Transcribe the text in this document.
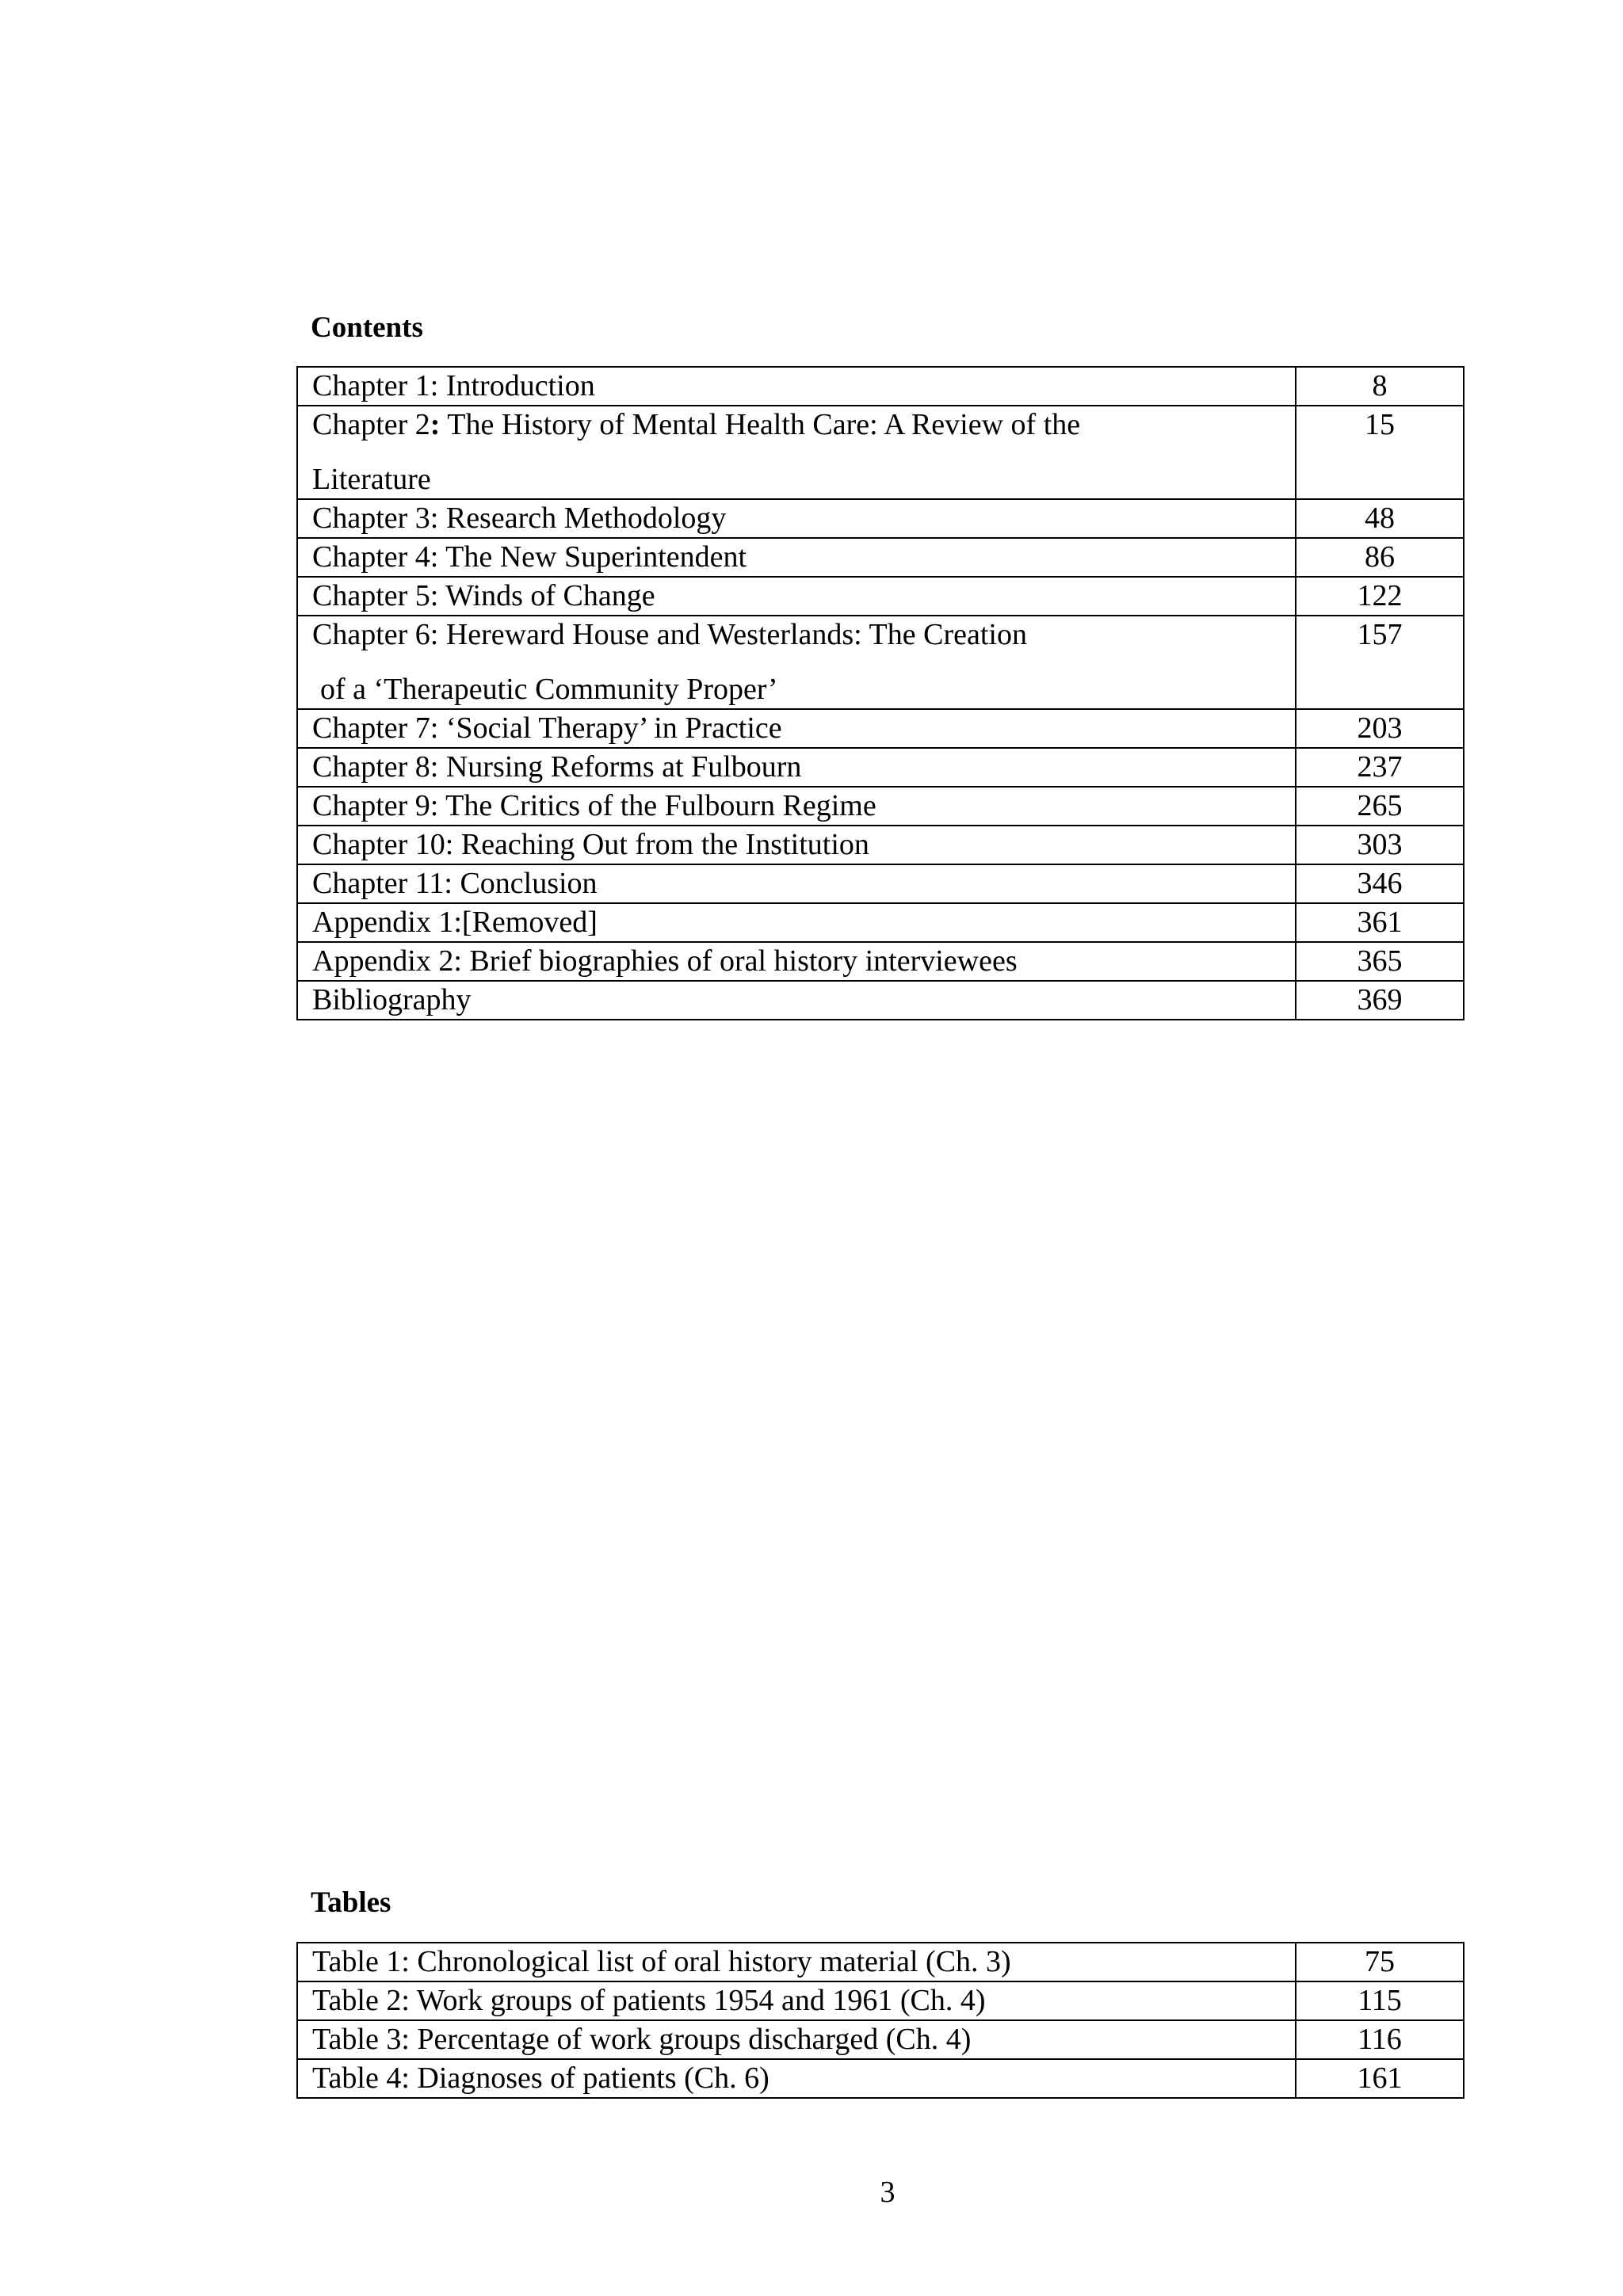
Contents
Chapter 1: Introduction	8

Chapter 2: The History of Mental Health Care: A Review of the
Literature	15
Chapter 3: Research Methodology	48
Chapter 4: The New Superintendent	86
Chapter 5: Winds of Change	122

Chapter 6: Hereward House and Westerlands: The Creation
of a ‘Therapeutic Community Proper’	157
Chapter 7: ‘Social Therapy’ in Practice	203
Chapter 8: Nursing Reforms at Fulbourn	237
Chapter 9: The Critics of the Fulbourn Regime	265
Chapter 10: Reaching Out from the Institution	303
Chapter 11: Conclusion	346
Appendix 1:[Removed]	361
Appendix 2: Brief biographies of oral history interviewees	365
Bibliography	369
Tables
Table 1: Chronological list of oral history material (Ch. 3)	75
Table 2: Work groups of patients 1954 and 1961 (Ch. 4)	115
Table 3: Percentage of work groups discharged (Ch. 4)	116
Table 4: Diagnoses of patients (Ch. 6)	161
3
